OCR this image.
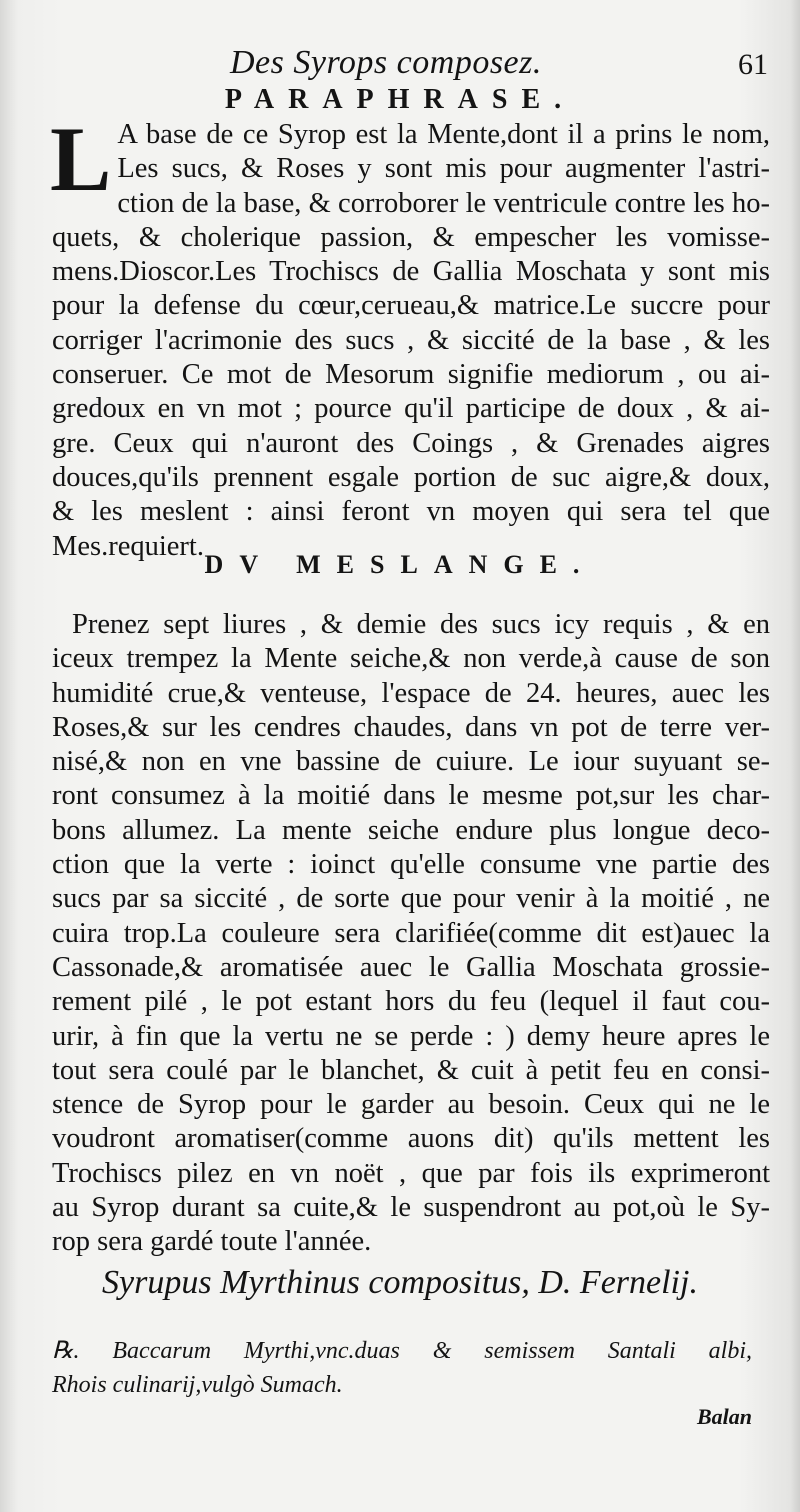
Des Syrops composez.	61
PARAPHRASE.
L A base de ce Syrop est la Mente,dont il a prins le nom,
Les sucs, & Roses y sont mis pour augmenter l'astri-
ction de la base, & corroborer le ventricule contre les ho-
quets, & cholerique passion, & empescher les vomisse-
mens.Dioscor.Les Trochiscs de Gallia Moschata y sont mis
pour la defense du cœur,cerueau,& matrice.Le succre pour
corriger l'acrimonie des sucs , & siccité de la base , & les
conseruer. Ce mot de Mesorum signifie mediorum , ou ai-
gredoux en vn mot ; pource qu'il participe de doux , & ai-
gre. Ceux qui n'auront des Coings , & Grenades aigres
douces,qu'ils prennent esgale portion de suc aigre,& doux,
& les meslent : ainsi feront vn moyen qui sera tel que
Mes.requiert.
DV MESLANGE.
Prenez sept liures , & demie des sucs icy requis , & en
iceux trempez la Mente seiche,& non verde,à cause de son
humidité crue,& venteuse, l'espace de 24. heures, auec les
Roses,& sur les cendres chaudes, dans vn pot de terre ver-
nisé,& non en vne bassine de cuiure. Le iour suyuant se-
ront consumez à la moitié dans le mesme pot,sur les char-
bons allumez. La mente seiche endure plus longue deco-
ction que la verte : ioinct qu'elle consume vne partie des
sucs par sa siccité , de sorte que pour venir à la moitié , ne
cuira trop.La couleure sera clarifiée(comme dit est)auec la
Cassonade,& aromatisée auec le Gallia Moschata grossie-
rement pilé , le pot estant hors du feu (lequel il faut cou-
urir, à fin que la vertu ne se perde : ) demy heure apres le
tout sera coulé par le blanchet, & cuit à petit feu en consi-
stence de Syrop pour le garder au besoin. Ceux qui ne le
voudront aromatiser(comme auons dit) qu'ils mettent les
Trochiscs pilez en vn noët , que par fois ils exprimeront
au Syrop durant sa cuite,& le suspendront au pot,où le Sy-
rop sera gardé toute l'année.
Syrupus Myrthinus compositus, D. Fernelij.
℞. Baccarum Myrthi,vnc.duas & semissem Santali albi,
Rhois culinarij,vulgò Sumach.
Balan
